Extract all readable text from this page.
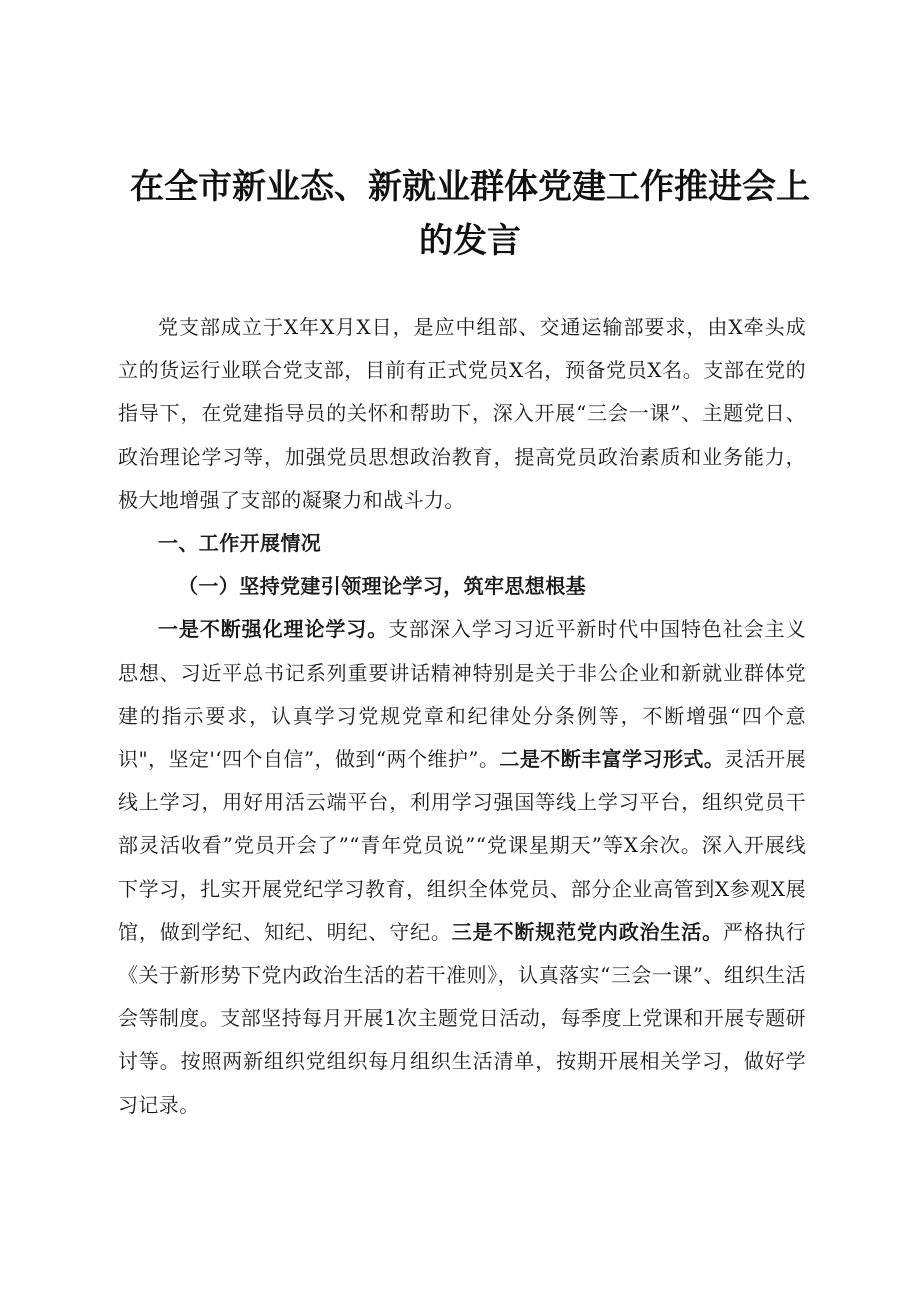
在全市新业态、新就业群体党建工作推进会上
的发言

党支部成立于X年X月X日，是应中组部、交通运输部要求，由X牵头成立的货运行业联合党支部，目前有正式党员X名，预备党员X名。支部在党的指导下，在党建指导员的关怀和帮助下，深入开展“三会一课”、主题党日、政治理论学习等，加强党员思想政治教育，提高党员政治素质和业务能力，极大地增强了支部的凝聚力和战斗力。

一、工作开展情况

（一）坚持党建引领理论学习，筑牢思想根基

一是不断强化理论学习。支部深入学习习近平新时代中国特色社会主义思想、习近平总书记系列重要讲话精神特别是关于非公企业和新就业群体党建的指示要求，认真学习党规党章和纪律处分条例等，不断增强“四个意识"，坚定'‘四个自信”，做到“两个维护”。二是不断丰富学习形式。灵活开展线上学习，用好用活云端平台，利用学习强国等线上学习平台，组织党员干部灵活收看”党员开会了”“青年党员说”“党课星期天”等X余次。深入开展线下学习，扎实开展党纪学习教育，组织全体党员、部分企业高管到X参观X展馆，做到学纪、知纪、明纪、守纪。三是不断规范党内政治生活。严格执行《关于新形势下党内政治生活的若干准则》，认真落实“三会一课”、组织生活会等制度。支部坚持每月开展1次主题党日活动，每季度上党课和开展专题研讨等。按照两新组织党组织每月组织生活清单，按期开展相关学习，做好学习记录。
